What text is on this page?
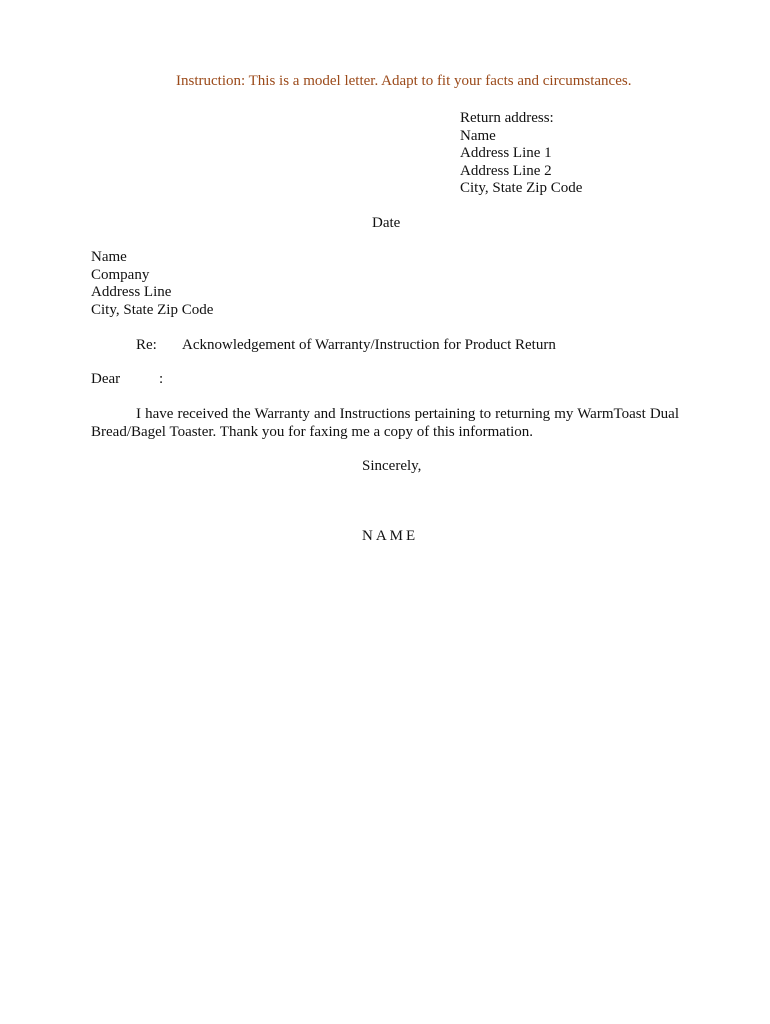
Instruction: This is a model letter. Adapt to fit your facts and circumstances.
Return address:
Name
Address Line 1
Address Line 2
City, State Zip Code
Date
Name
Company
Address Line
City, State Zip Code
Re: Acknowledgement of Warranty/Instruction for Product Return
Dear	:
I have received the Warranty and Instructions pertaining to returning my WarmToast Dual Bread/Bagel Toaster. Thank you for faxing me a copy of this information.
Sincerely,
NAME
